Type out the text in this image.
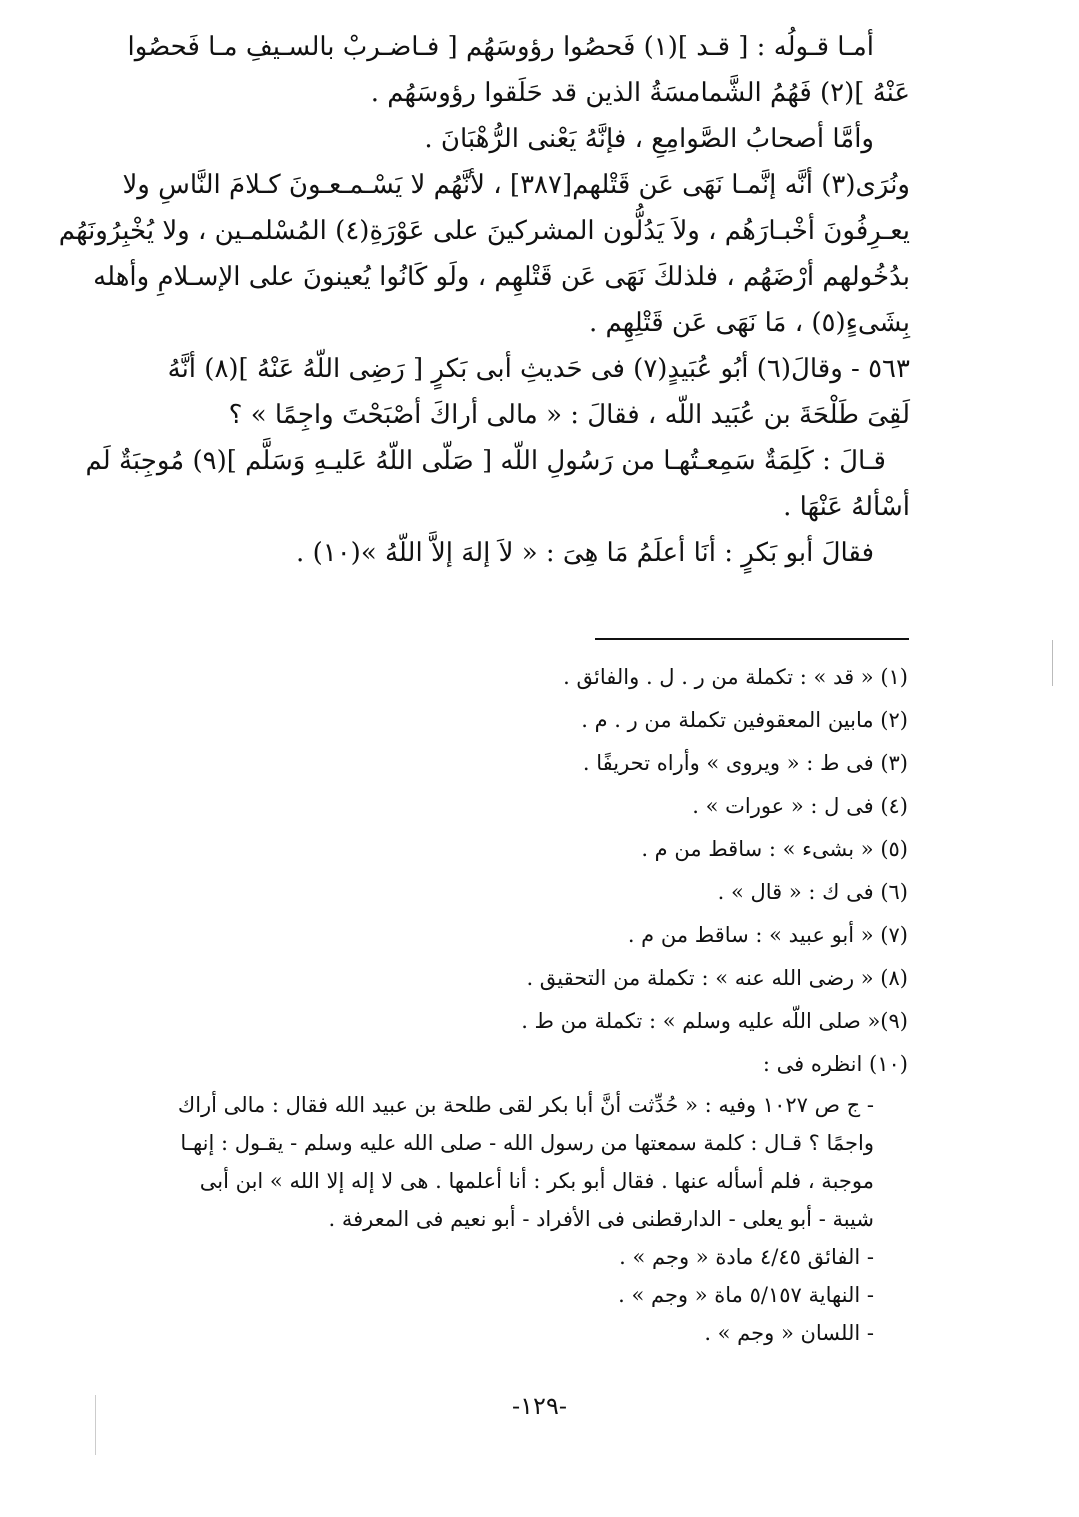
أمـا قـولُه : [ قـد ](١) فَحصُوا رؤوسَهُم [ فـاضـربْ بالسـيفِ مـا فَحصُوا

عَنْهُ ](٢) فَهُمُ الشَّمامسَةُ الذين قد حَلَقوا رؤوسَهُم .

وأمَّا أصحابُ الصَّوامِعِ ، فإنَّهُ يَعْنى الرُّهْبَانَ .

ونُرَى(٣) أنَّه إنَّمـا نَهَى عَن قَتْلهم[٣٨٧] ، لأنَّهُم لا يَسْـمـعـونَ كـلامَ النَّاسِ ولا

يعـرِفُونَ أخْبـارَهُم ، ولاَ يَدُلُّون المشركينَ على عَوْرَةِ(٤) المُسْلمـين ، ولا يُخْبِرُونَهُم

بدُخُولهم أرْضَهُم ، فلذلكَ نَهَى عَن قَتْلهِم ، ولَو كَانُوا يُعينونَ على الإسـلامِ وأهله

بِشَىءٍ(٥) ، مَا نَهَى عَن قَتْلِهِم .

٥٦٣ - وقالَ(٦) أبُو عُبَيدٍ(٧) فى حَديثِ أبى بَكرٍ [ رَضِى اللّهُ عَنْهُ ](٨) أنَّهُ

لَقِىَ طَلْحَةَ بن عُبَيد اللّه ، فقالَ : « مالى أراكَ أصْبَحْتَ واجِمًا » ؟

قـالَ : كَلِمَةٌ سَمِعـتُهـا من رَسُولِ اللّه [ صَلّى اللّهُ عَليـهِ وَسَلَّم ](٩) مُوجِبَةٌ لَم

أسْألهُ عَنْهَا .

فقالَ أبو بَكرٍ : أنَا أعلَمُ مَا هِىَ : « لاَ إلهَ إلاَّ اللّهُ »(١٠) .

(١) « قد » : تكملة من ر . ل . والفائق .

(٢) مابين المعقوفين تكملة من ر . م .

(٣) فى ط : « ويروى » وأراه تحريفًا .

(٤) فى ل : « عورات » .

(٥) « بشىء » : ساقط من م .

(٦) فى ك : « قال » .

(٧) « أبو عبيد » : ساقط من م .

(٨) « رضى الله عنه » : تكملة من التحقيق .

(٩)« صلى اللّه عليه وسلم » : تكملة من ط .

(١٠) انظره فى :

- ج ص ١٠٢٧ وفيه : « حُدِّثت أنَّ أبا بكر لقى طلحة بن عبيد الله فقال : مالى أراك

واجمًا ؟ قـال : كلمة سمعتها من رسول الله - صلى الله عليه وسلم - يقـول : إنهـا

موجبة ، فلم أسأله عنها . فقال أبو بكر : أنا أعلمها . هى لا إله إلا الله » ابن أبى

شيبة - أبو يعلى - الدارقطنى فى الأفراد - أبو نعيم فى المعرفة .

- الفائق ٤/٤٥ مادة « وجم » .

- النهاية ٥/١٥٧ ماة « وجم » .

- اللسان « وجم » .

-١٢٩-
